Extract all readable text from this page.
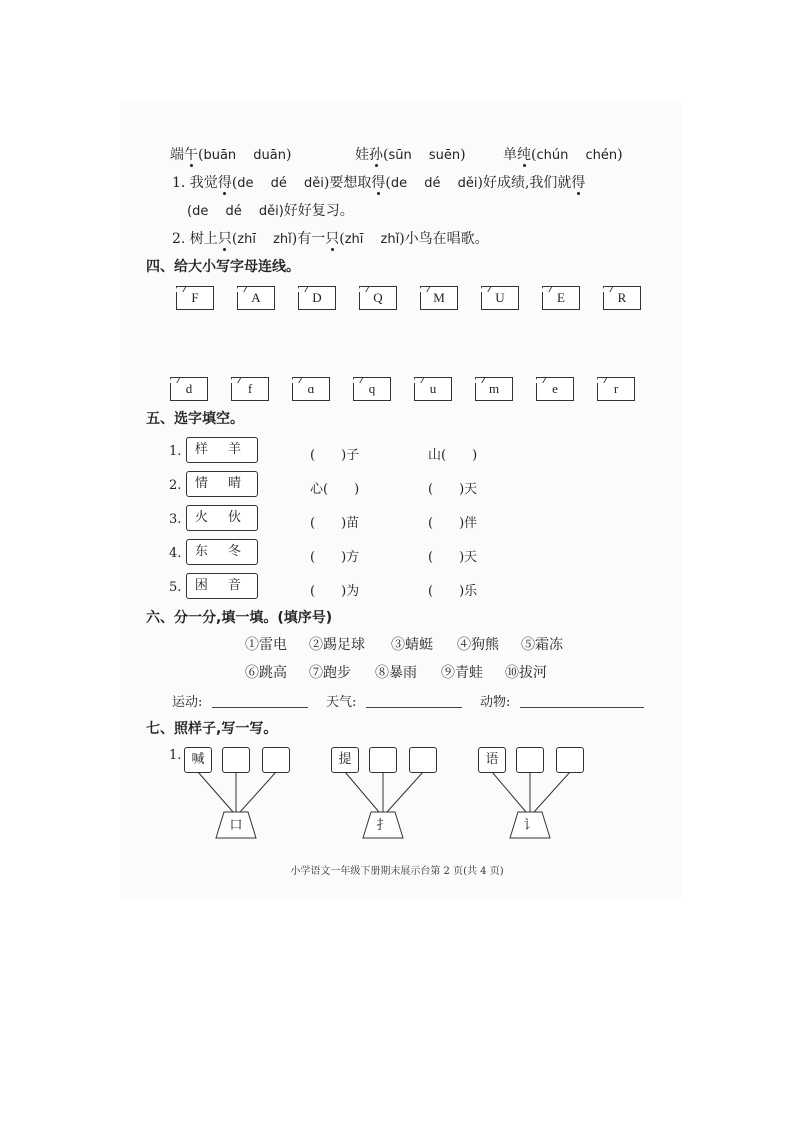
端午(buān　 duān)	娃孙(sūn　 suēn)	单纯(chún　 chén)
1. 我觉得(de　 dé　 děi)要想取得(de　 dé　 děi)好成绩,我们就得
(de　 dé　 děi)好好复习。
2. 树上只(zhī　 zhǐ)有一只(zhī　 zhǐ)小鸟在唱歌。
四、给大小写字母连线。
F	A	D	Q	M	U	E	R
d	f	ɑ	q	u	m	e	r
五、选字填空。
1.	样 羊	(　　)子	山(　　)
2.	情 晴	心(　　)	(　　)天
3.	火 伙	(　　)苗	(　　)伴
4.	东 冬	(　　)方	(　　)天
5.	困 音	(　　)为	(　　)乐
六、分一分,填一填。(填序号)
①雷电 ②踢足球 ③蜻蜓 ④狗熊 ⑤霜冻
⑥跳高 ⑦跑步 ⑧暴雨 ⑨青蛙 ⑩拔河
运动:	天气:	动物:
七、照样子,写一写。
1. 喊
口
提
扌
语
讠
小学语文一年级下册期末展示台第 2 页(共 4 页)
